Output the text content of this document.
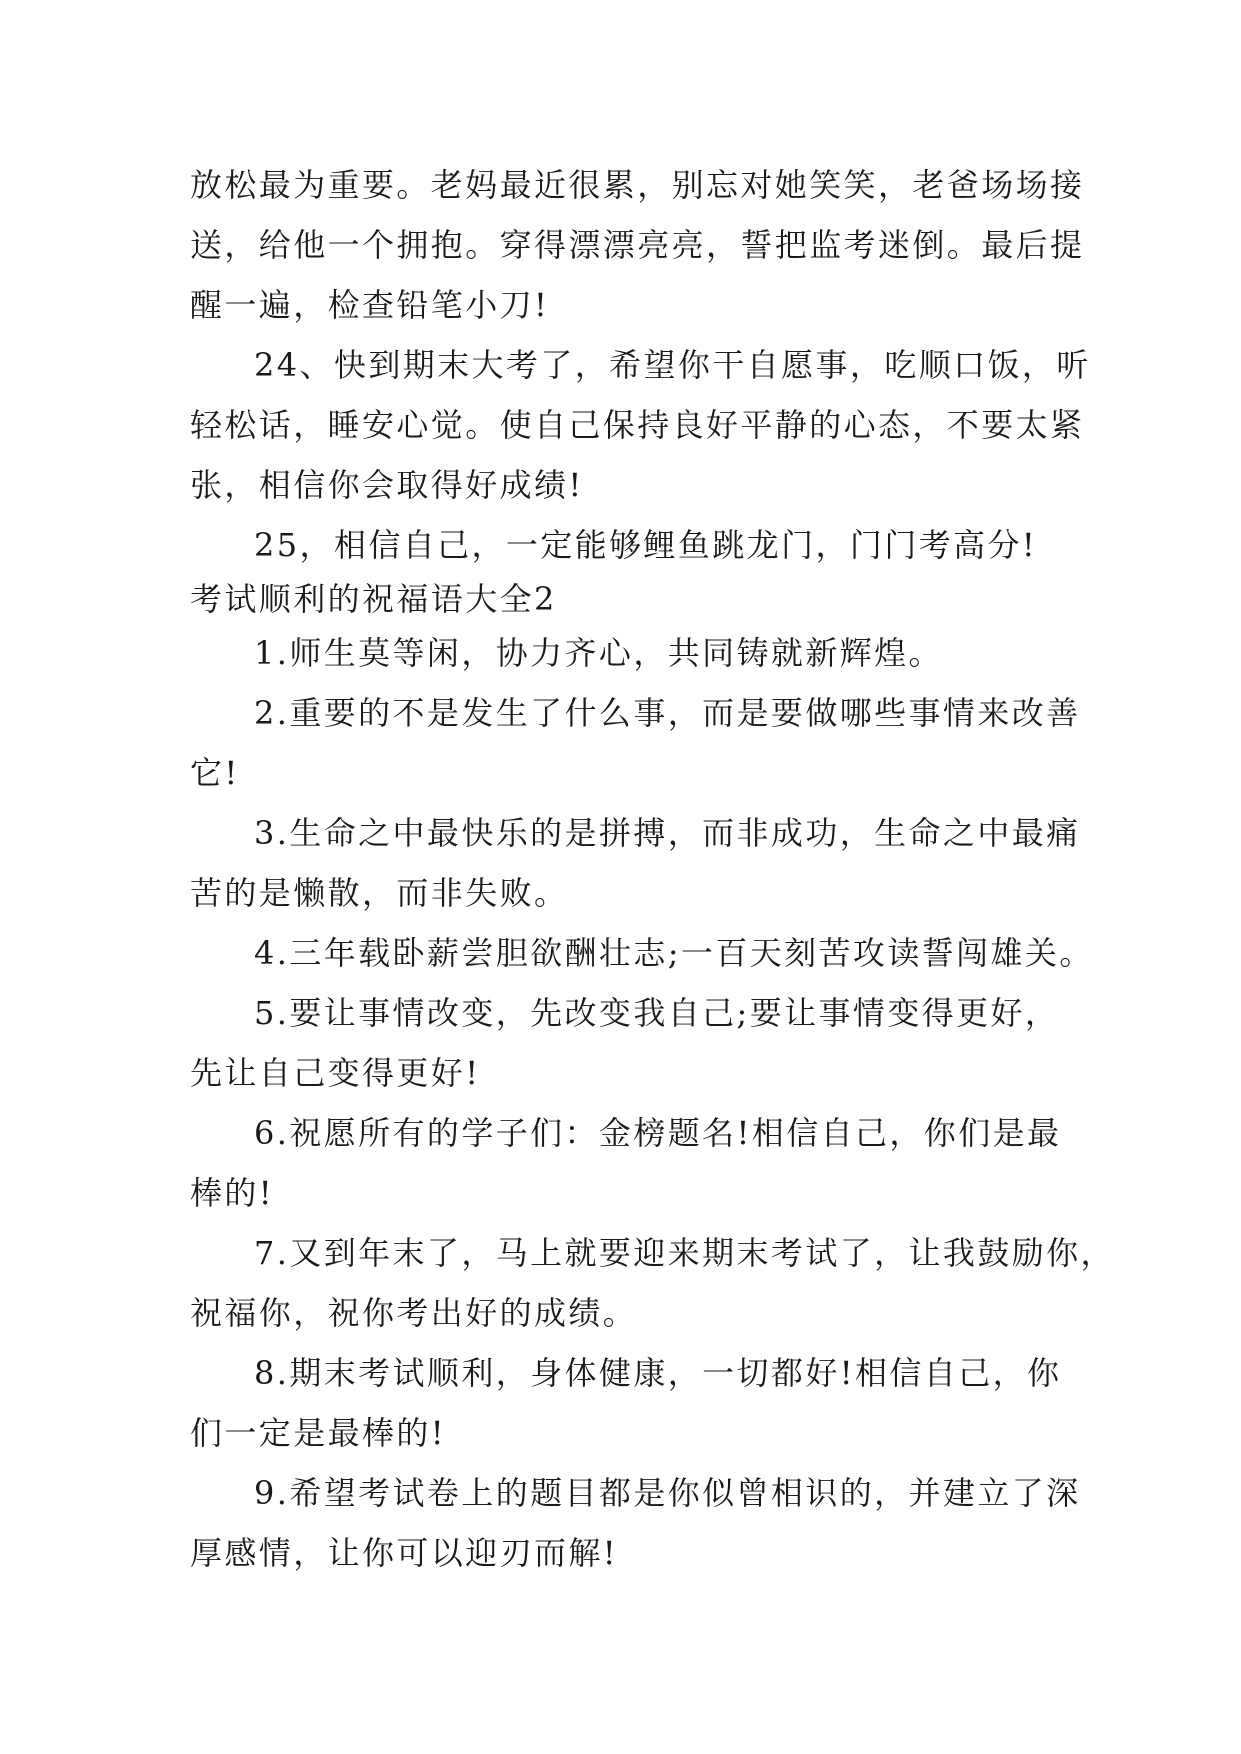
放松最为重要。老妈最近很累，别忘对她笑笑，老爸场场接
送，给他一个拥抱。穿得漂漂亮亮，誓把监考迷倒。最后提
醒一遍，检查铅笔小刀!
24、快到期末大考了，希望你干自愿事，吃顺口饭，听
轻松话，睡安心觉。使自己保持良好平静的心态，不要太紧
张，相信你会取得好成绩!
25，相信自己，一定能够鲤鱼跳龙门，门门考高分!
考试顺利的祝福语大全2
1.师生莫等闲，协力齐心，共同铸就新辉煌。
2.重要的不是发生了什么事，而是要做哪些事情来改善
它!
3.生命之中最快乐的是拼搏，而非成功，生命之中最痛
苦的是懒散，而非失败。
4.三年载卧薪尝胆欲酬壮志;一百天刻苦攻读誓闯雄关。
5.要让事情改变，先改变我自己;要让事情变得更好，
先让自己变得更好!
6.祝愿所有的学子们：金榜题名!相信自己，你们是最
棒的!
7.又到年末了，马上就要迎来期末考试了，让我鼓励你，
祝福你，祝你考出好的成绩。
8.期末考试顺利，身体健康，一切都好!相信自己，你
们一定是最棒的!
9.希望考试卷上的题目都是你似曾相识的，并建立了深
厚感情，让你可以迎刃而解!
